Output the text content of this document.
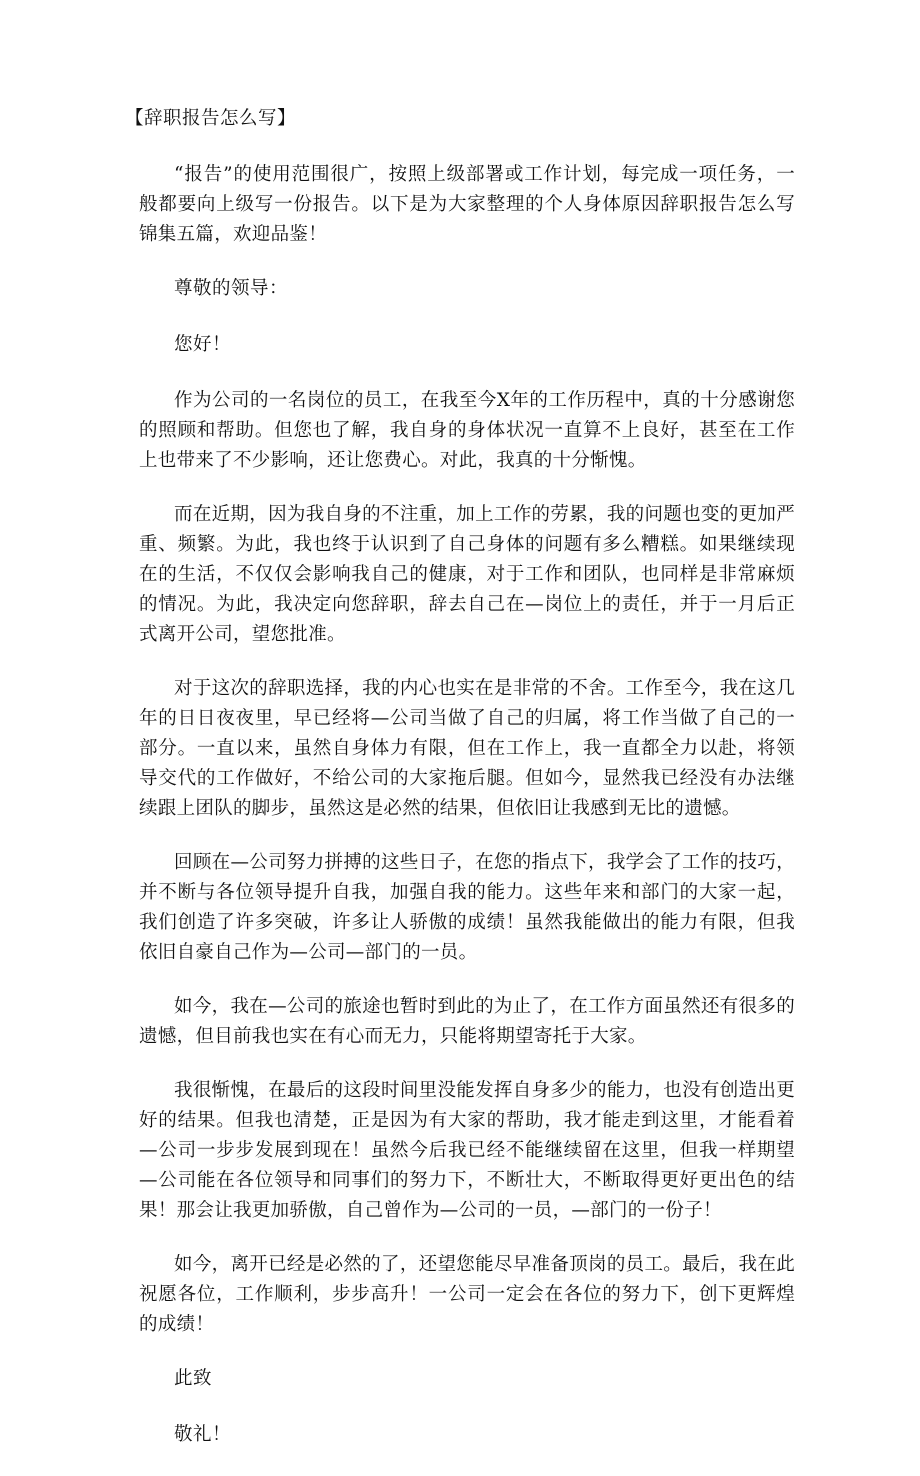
【辞职报告怎么写】
“报告”的使用范围很广，按照上级部署或工作计划，每完成一项任务，一般都要向上级写一份报告。以下是为大家整理的个人身体原因辞职报告怎么写锦集五篇，欢迎品鉴！
尊敬的领导：
您好！
作为公司的一名岗位的员工，在我至今X年的工作历程中，真的十分感谢您的照顾和帮助。但您也了解，我自身的身体状况一直算不上良好，甚至在工作上也带来了不少影响，还让您费心。对此，我真的十分惭愧。
而在近期，因为我自身的不注重，加上工作的劳累，我的问题也变的更加严重、频繁。为此，我也终于认识到了自己身体的问题有多么糟糕。如果继续现在的生活，不仅仅会影响我自己的健康，对于工作和团队，也同样是非常麻烦的情况。为此，我决定向您辞职，辞去自己在—岗位上的责任，并于一月后正式离开公司，望您批准。
对于这次的辞职选择，我的内心也实在是非常的不舍。工作至今，我在这几年的日日夜夜里，早已经将—公司当做了自己的归属，将工作当做了自己的一部分。一直以来，虽然自身体力有限，但在工作上，我一直都全力以赴，将领导交代的工作做好，不给公司的大家拖后腿。但如今，显然我已经没有办法继续跟上团队的脚步，虽然这是必然的结果，但依旧让我感到无比的遗憾。
回顾在—公司努力拼搏的这些日子，在您的指点下，我学会了工作的技巧，并不断与各位领导提升自我，加强自我的能力。这些年来和部门的大家一起，我们创造了许多突破，许多让人骄傲的成绩！虽然我能做出的能力有限，但我依旧自豪自己作为—公司—部门的一员。
如今，我在—公司的旅途也暂时到此的为止了，在工作方面虽然还有很多的遗憾，但目前我也实在有心而无力，只能将期望寄托于大家。
我很惭愧，在最后的这段时间里没能发挥自身多少的能力，也没有创造出更好的结果。但我也清楚，正是因为有大家的帮助，我才能走到这里，才能看着—公司一步步发展到现在！虽然今后我已经不能继续留在这里，但我一样期望—公司能在各位领导和同事们的努力下，不断壮大，不断取得更好更出色的结果！那会让我更加骄傲，自己曾作为—公司的一员，—部门的一份子！
如今，离开已经是必然的了，还望您能尽早准备顶岗的员工。最后，我在此祝愿各位，工作顺利，步步高升！一公司一定会在各位的努力下，创下更辉煌的成绩！
此致
敬礼！
